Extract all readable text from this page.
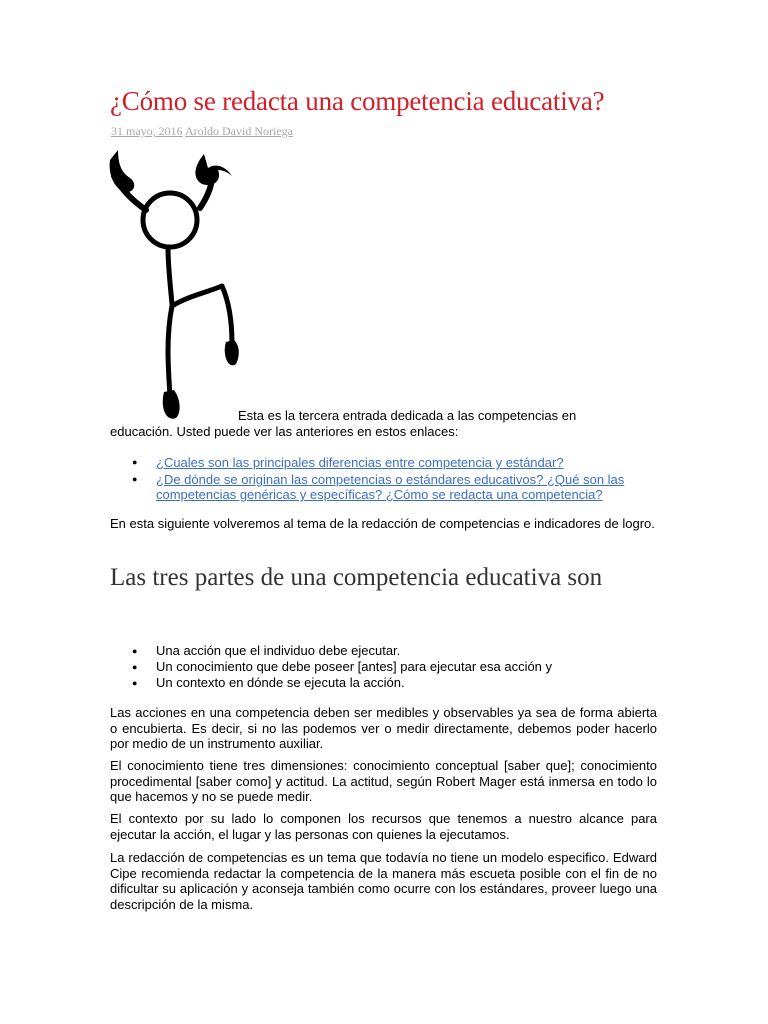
¿Cómo se redacta una competencia educativa?
31 mayo, 2016 Aroldo David Noriega

Esta es la tercera entrada dedicada a las competencias en
educación. Usted puede ver las anteriores en estos enlaces:

● ¿Cuales son las principales diferencias entre competencia y estándar?
● ¿De dónde se originan las competencias o estándares educativos? ¿Qué son las competencias genéricas y específicas? ¿Cómo se redacta una competencia?

En esta siguiente volveremos al tema de la redacción de competencias e indicadores de logro.

Las tres partes de una competencia educativa son
● Una acción que el individuo debe ejecutar.
● Un conocimiento que debe poseer [antes] para ejecutar esa acción y
● Un contexto en dónde se ejecuta la acción.

Las acciones en una competencia deben ser medibles y observables ya sea de forma abierta o encubierta. Es decir, si no las podemos ver o medir directamente, debemos poder hacerlo por medio de un instrumento auxiliar.

El conocimiento tiene tres dimensiones: conocimiento conceptual [saber que]; conocimiento procedimental [saber como] y actitud. La actitud, según Robert Mager está inmersa en todo lo que hacemos y no se puede medir.

El contexto por su lado lo componen los recursos que tenemos a nuestro alcance para ejecutar la acción, el lugar y las personas con quienes la ejecutamos.

La redacción de competencias es un tema que todavía no tiene un modelo especifico. Edward Cipe recomienda redactar la competencia de la manera más escueta posible con el fin de no dificultar su aplicación y aconseja también como ocurre con los estándares, proveer luego una descripción de la misma.
